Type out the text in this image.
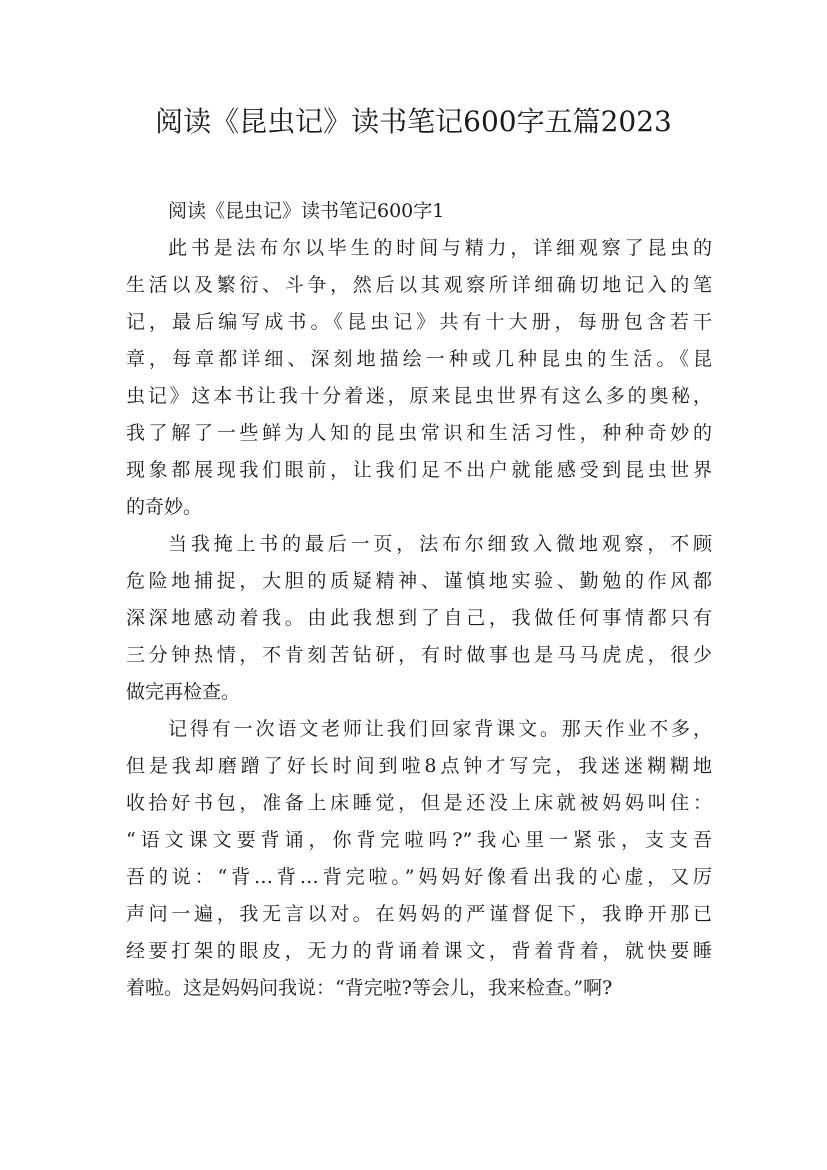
阅读《昆虫记》读书笔记600字五篇2023

阅读《昆虫记》读书笔记600字1

此书是法布尔以毕生的时间与精力，详细观察了昆虫的
生活以及繁衍、斗争，然后以其观察所详细确切地记入的笔
记，最后编写成书。《昆虫记》共有十大册，每册包含若干
章，每章都详细、深刻地描绘一种或几种昆虫的生活。《昆
虫记》这本书让我十分着迷，原来昆虫世界有这么多的奥秘，
我了解了一些鲜为人知的昆虫常识和生活习性，种种奇妙的
现象都展现我们眼前，让我们足不出户就能感受到昆虫世界
的奇妙。

当我掩上书的最后一页，法布尔细致入微地观察，不顾
危险地捕捉，大胆的质疑精神、谨慎地实验、勤勉的作风都
深深地感动着我。由此我想到了自己，我做任何事情都只有
三分钟热情，不肯刻苦钻研，有时做事也是马马虎虎，很少
做完再检查。

记得有一次语文老师让我们回家背课文。那天作业不多，
但是我却磨蹭了好长时间到啦8点钟才写完，我迷迷糊糊地
收拾好书包，准备上床睡觉，但是还没上床就被妈妈叫住：
“语文课文要背诵，你背完啦吗?”我心里一紧张，支支吾
吾的说：“背…背…背完啦。”妈妈好像看出我的心虚，又厉
声问一遍，我无言以对。在妈妈的严谨督促下，我睁开那已
经要打架的眼皮，无力的背诵着课文，背着背着，就快要睡
着啦。这是妈妈问我说：“背完啦?等会儿，我来检查。”啊?
